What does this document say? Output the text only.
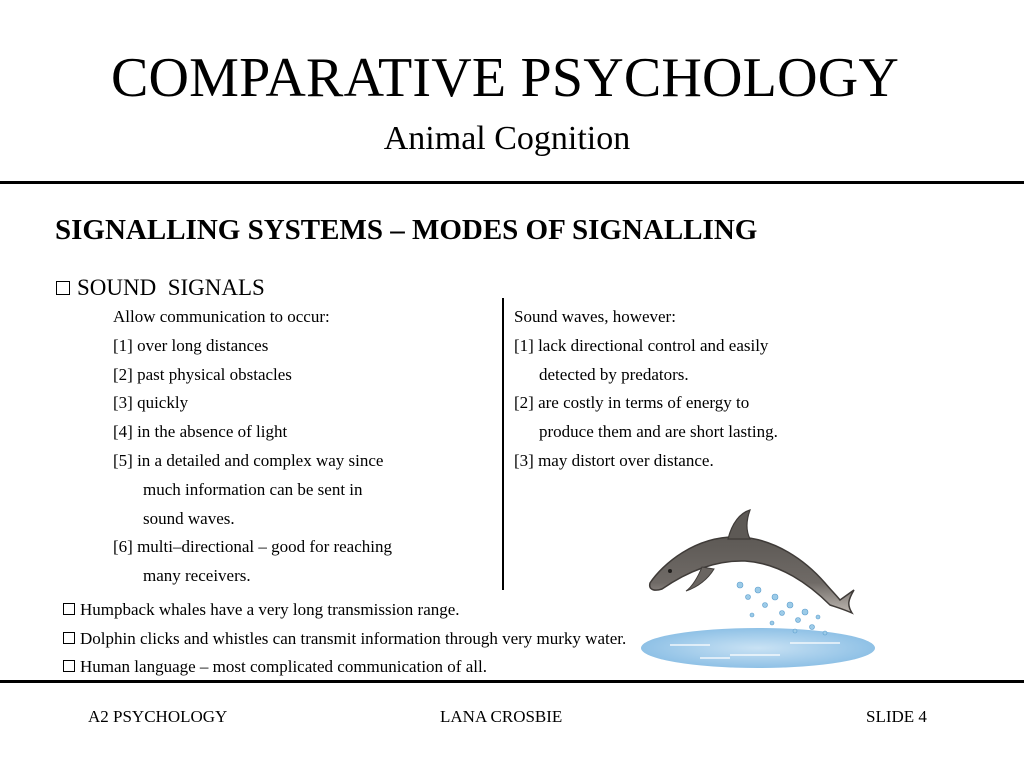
COMPARATIVE PSYCHOLOGY
Animal Cognition
SIGNALLING SYSTEMS – MODES OF SIGNALLING
SOUND  SIGNALS
Allow communication to occur:
[1] over long distances
[2] past physical obstacles
[3] quickly
[4] in the absence of light
[5] in a detailed and complex way since
much information can be sent in
sound waves.
[6] multi–directional – good for reaching
many receivers.
Sound waves, however:
[1] lack directional control and easily
detected by predators.
[2] are costly in terms of energy to
produce them and are short lasting.
[3] may distort over distance.
Humpback whales have a very long transmission range.
Dolphin clicks and whistles can transmit information through very murky water.
Human language – most complicated communication of all.
A2 PSYCHOLOGY	LANA CROSBIE	SLIDE 4
